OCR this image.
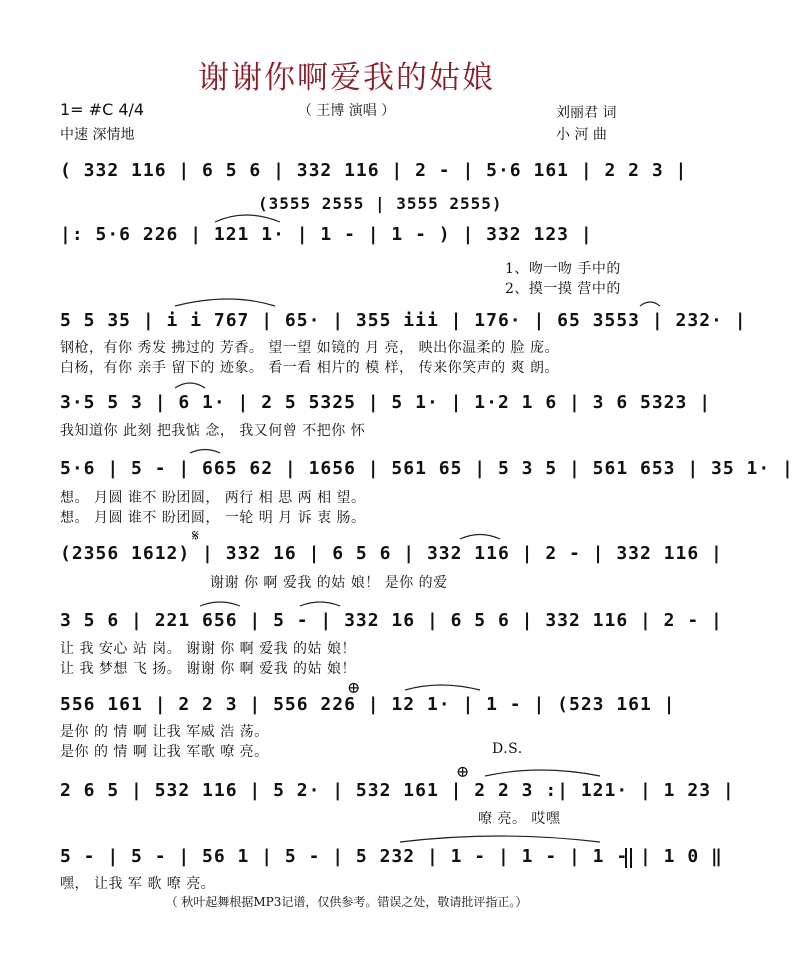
谢谢你啊爱我的姑娘
1= #C 4/4
中速 深情地
（ 王博 演唱 ）	刘丽君 词
小 河 曲
( 332 116 | 6 5 6 | 332 116 | 2 - | 5·6 161 | 2 2 3 |
(3555 2555 | 3555 2555)
|: 5·6 226 | 121 1· | 1 - | 1 - ) | 332 123 |
1、吻一吻 手中的
2、摸一摸 营中的
5 5 35 | i i 767 | 65· | 355 iii | 176· | 65 3553 | 232· |
钢枪，有你 秀发 拂过的 芳香。 望一望 如镜的 月 亮， 映出你温柔的 脸 庞。
白杨，有你 亲手 留下的 迹象。 看一看 相片的 模 样， 传来你笑声的 爽 朗。
3·5 5 3 | 6 1· | 2 5 5325 | 5 1· | 1·2 1 6 | 3 6 5323 |
我知道你 此刻 把我惦 念， 我又何曾 不把你 怀
5·6 | 5 - | 665 62 | 1656 | 561 65 | 5 3 5 | 561 653 | 35 1· |
想。 月圆 谁不 盼团圆， 两行 相 思 两 相 望。
想。 月圆 谁不 盼团圆， 一轮 明 月 诉 衷 肠。
𝄋
(2356 1612) | 332 16 | 6 5 6 | 332 116 | 2 - | 332 116 |
谢谢 你 啊 爱我 的姑 娘！ 是你 的爱
3 5 6 | 221 656 | 5 - | 332 16 | 6 5 6 | 332 116 | 2 - |
让 我 安心 站 岗。 谢谢 你 啊 爱我 的姑 娘！
让 我 梦想 飞 扬。 谢谢 你 啊 爱我 的姑 娘！
⊕
556 161 | 2 2 3 | 556 226 | 12 1· | 1 - | (523 161 |
是你 的 情 啊 让我 军威 浩 荡。
是你 的 情 啊 让我 军歌 嘹 亮。	D.S.
⊕
2 6 5 | 532 116 | 5 2· | 532 161 | 2 2 3 :| 121· | 1 23 |
嘹 亮。 哎嘿
5 - | 5 - | 56 1 | 5 - | 5 232 | 1 - | 1 - | 1 - | 1 0 ‖
嘿， 让我 军 歌 嘹 亮。
（ 秋叶起舞根据MP3记谱，仅供参考。错误之处，敬请批评指正。）
